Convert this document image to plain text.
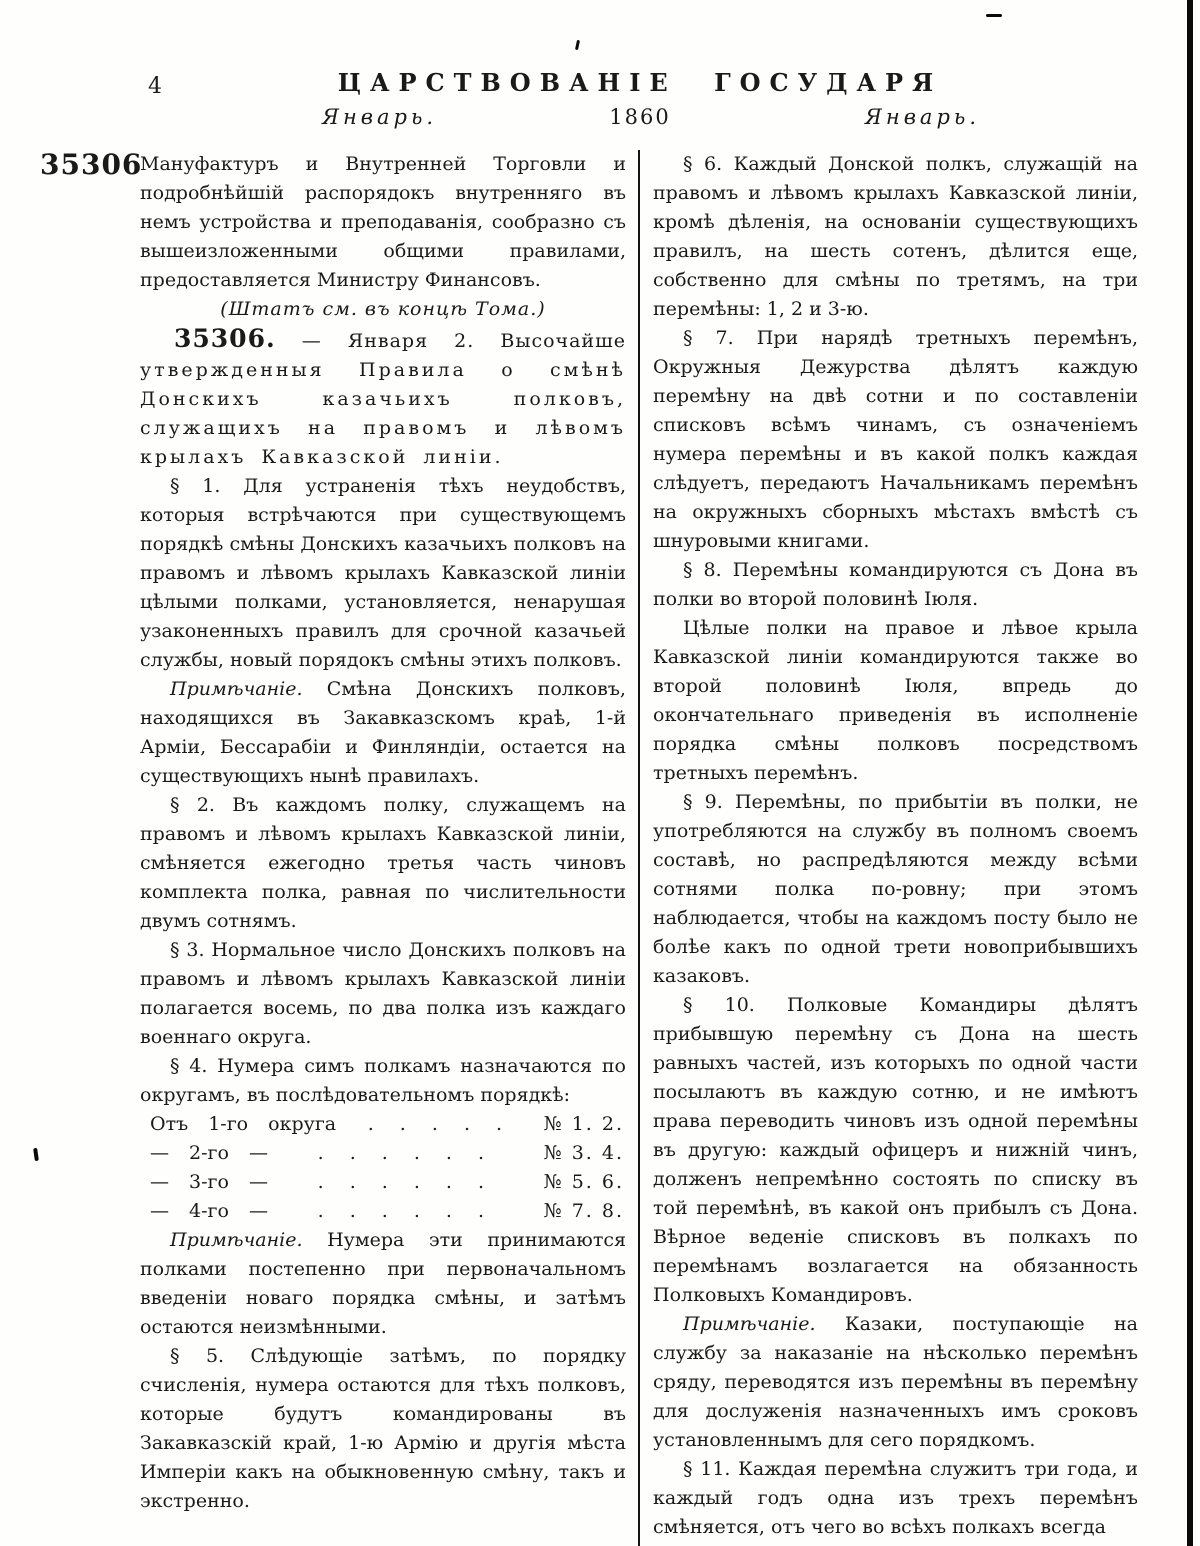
4	ЦАРСТВОВАНІЕ ГОСУДАРЯ
Январь.	1860	Январь.
35306

Мануфактуръ и Внутренней Торговли и подробнѣйшій распорядокъ внутренняго въ немъ устройства и преподаванія, сообразно съ вышеизложенными общими правилами, предоставляется Министру Финансовъ.

(Штатъ см. въ концѣ Тома.)

35306. — Января 2. Высочайше утвержденныя Правила о смѣнѣ Донскихъ казачьихъ полковъ, служащихъ на правомъ и лѣвомъ крылахъ Кавказской линіи.

§ 1. Для устраненія тѣхъ неудобствъ, которыя встрѣчаются при существующемъ порядкѣ смѣны Донскихъ казачьихъ полковъ на правомъ и лѣвомъ крылахъ Кавказской линіи цѣлыми полками, установляется, ненарушая узаконенныхъ правилъ для срочной казачьей службы, новый порядокъ смѣны этихъ полковъ.

Примѣчаніе. Смѣна Донскихъ полковъ, находящихся въ Закавказскомъ краѣ, 1-й Арміи, Бессарабіи и Финляндіи, остается на существующихъ нынѣ правилахъ.

§ 2. Въ каждомъ полку, служащемъ на правомъ и лѣвомъ крылахъ Кавказской линіи, смѣняется ежегодно третья часть чиновъ комплекта полка, равная по числительности двумъ сотнямъ.

§ 3. Нормальное число Донскихъ полковъ на правомъ и лѣвомъ крылахъ Кавказской линіи полагается восемь, по два полка изъ каждаго военнаго округа.

§ 4. Нумера симъ полкамъ назначаются по округамъ, въ послѣдовательномъ порядкѣ:

Отъ 1-го округа	. . . . .	№ 1. 2.

— 2-го —	. . . . . .	№ 3. 4.

— 3-го —	. . . . . .	№ 5. 6.

— 4-го —	. . . . . .	№ 7. 8.

Примѣчаніе. Нумера эти принимаются полками постепенно при первоначальномъ введеніи новаго порядка смѣны, и затѣмъ остаются неизмѣнными.

§ 5. Слѣдующіе затѣмъ, по порядку счисленія, нумера остаются для тѣхъ полковъ, которые будутъ командированы въ Закавказскій край, 1-ю Армію и другія мѣста Имперіи какъ на обыкновенную смѣну, такъ и экстренно.

§ 6. Каждый Донской полкъ, служащій на правомъ и лѣвомъ крылахъ Кавказской линіи, кромѣ дѣленія, на основаніи существующихъ правилъ, на шесть сотенъ, дѣлится еще, собственно для смѣны по третямъ, на три перемѣны: 1, 2 и 3-ю.

§ 7. При нарядѣ третныхъ перемѣнъ, Окружныя Дежурства дѣлятъ каждую перемѣну на двѣ сотни и по составленіи списковъ всѣмъ чинамъ, съ означеніемъ нумера перемѣны и въ какой полкъ каждая слѣдуетъ, передаютъ Начальникамъ перемѣнъ на окружныхъ сборныхъ мѣстахъ вмѣстѣ съ шнуровыми книгами.

§ 8. Перемѣны командируются съ Дона въ полки во второй половинѣ Іюля.

Цѣлые полки на правое и лѣвое крыла Кавказской линіи командируются также во второй половинѣ Іюля, впредь до окончательнаго приведенія въ исполненіе порядка смѣны полковъ посредствомъ третныхъ перемѣнъ.

§ 9. Перемѣны, по прибытіи въ полки, не употребляются на службу въ полномъ своемъ составѣ, но распредѣляются между всѣми сотнями полка по-ровну; при этомъ наблюдается, чтобы на каждомъ посту было не болѣе какъ по одной трети новоприбывшихъ казаковъ.

§ 10. Полковые Командиры дѣлятъ прибывшую перемѣну съ Дона на шесть равныхъ частей, изъ которыхъ по одной части посылаютъ въ каждую сотню, и не имѣютъ права переводить чиновъ изъ одной перемѣны въ другую: каждый офицеръ и нижній чинъ, долженъ непремѣнно состоять по списку въ той перемѣнѣ, въ какой онъ прибылъ съ Дона. Вѣрное веденіе списковъ въ полкахъ по перемѣнамъ возлагается на обязанность Полковыхъ Командировъ.

Примѣчаніе. Казаки, поступающіе на службу за наказаніе на нѣсколько перемѣнъ сряду, переводятся изъ перемѣны въ перемѣну для дослуженія назначенныхъ имъ сроковъ установленнымъ для сего порядкомъ.

§ 11. Каждая перемѣна служитъ три года, и каждый годъ одна изъ трехъ перемѣнъ смѣняется, отъ чего во всѣхъ полкахъ всегда
